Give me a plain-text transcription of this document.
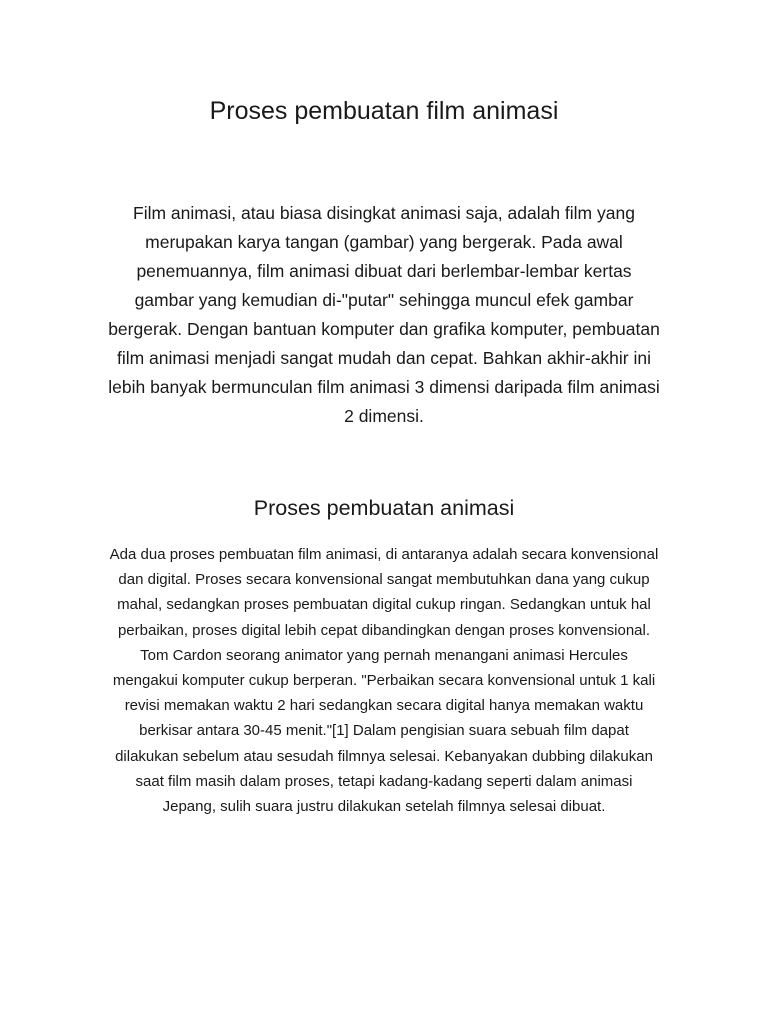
Proses pembuatan film animasi

Film animasi, atau biasa disingkat animasi saja, adalah film yang
merupakan karya tangan (gambar) yang bergerak. Pada awal
penemuannya, film animasi dibuat dari berlembar-lembar kertas
gambar yang kemudian di-"putar" sehingga muncul efek gambar
bergerak. Dengan bantuan komputer dan grafika komputer, pembuatan
film animasi menjadi sangat mudah dan cepat. Bahkan akhir-akhir ini
lebih banyak bermunculan film animasi 3 dimensi daripada film animasi
2 dimensi.

Proses pembuatan animasi

Ada dua proses pembuatan film animasi, di antaranya adalah secara konvensional
dan digital. Proses secara konvensional sangat membutuhkan dana yang cukup
mahal, sedangkan proses pembuatan digital cukup ringan. Sedangkan untuk hal
perbaikan, proses digital lebih cepat dibandingkan dengan proses konvensional.
Tom Cardon seorang animator yang pernah menangani animasi Hercules
mengakui komputer cukup berperan. "Perbaikan secara konvensional untuk 1 kali
revisi memakan waktu 2 hari sedangkan secara digital hanya memakan waktu
berkisar antara 30-45 menit."[1] Dalam pengisian suara sebuah film dapat
dilakukan sebelum atau sesudah filmnya selesai. Kebanyakan dubbing dilakukan
saat film masih dalam proses, tetapi kadang-kadang seperti dalam animasi
Jepang, sulih suara justru dilakukan setelah filmnya selesai dibuat.
